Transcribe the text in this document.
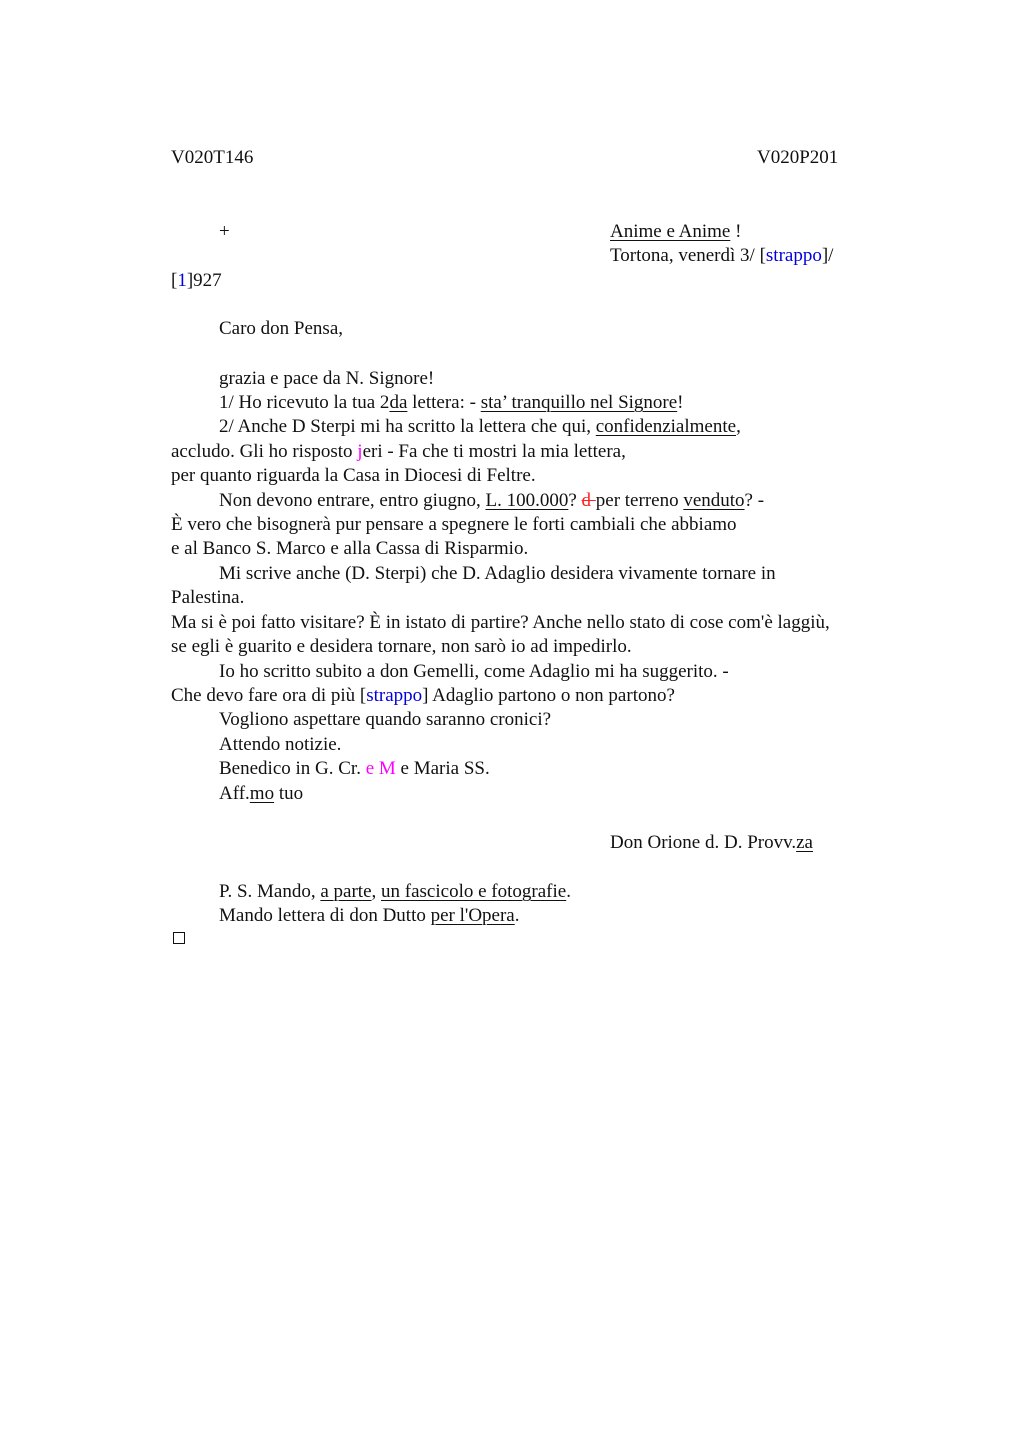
V020T146	V020P201
+	Anime e Anime !
Tortona, venerdì 3/ [strappo]/
[1]927
Caro don Pensa,
grazia e pace da N. Signore!
1/ Ho ricevuto la tua 2da lettera: - sta’ tranquillo nel Signore!
2/ Anche D Sterpi mi ha scritto la lettera che qui, confidenzialmente,
accludo. Gli ho risposto jeri - Fa che ti mostri la mia lettera,
per quanto riguarda la Casa in Diocesi di Feltre.
Non devono entrare, entro giugno, L. 100.000? d per terreno venduto? -
È vero che bisognerà pur pensare a spegnere le forti cambiali che abbiamo
e al Banco S. Marco e alla Cassa di Risparmio.
Mi scrive anche (D. Sterpi) che D. Adaglio desidera vivamente tornare in
Palestina.
Ma si è poi fatto visitare? È in istato di partire? Anche nello stato di cose com'è laggiù,
se egli è guarito e desidera tornare, non sarò io ad impedirlo.
Io ho scritto subito a don Gemelli, come Adaglio mi ha suggerito. -
Che devo fare ora di più [strappo] Adaglio partono o non partono?
Vogliono aspettare quando saranno cronici?
Attendo notizie.
Benedico in G. Cr. e M e Maria SS.
Aff.mo tuo
Don Orione d. D. Provv.za
P. S. Mando, a parte, un fascicolo e fotografie.
Mando lettera di don Dutto per l'Opera.
